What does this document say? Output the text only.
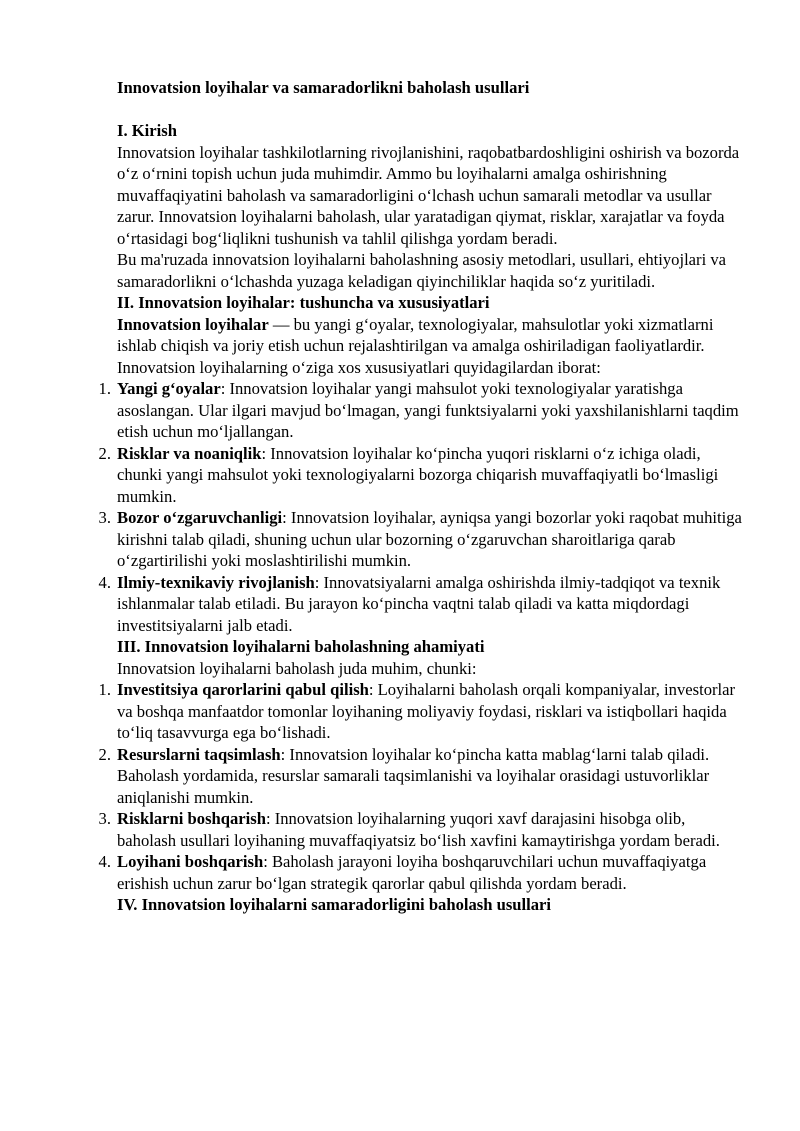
Innovatsion loyihalar va samaradorlikni baholash usullari

I. Kirish

Innovatsion loyihalar tashkilotlarning rivojlanishini, raqobatbardoshligini oshirish va bozorda o‘z o‘rnini topish uchun juda muhimdir. Ammo bu loyihalarni amalga oshirishning muvaffaqiyatini baholash va samaradorligini o‘lchash uchun samarali metodlar va usullar zarur. Innovatsion loyihalarni baholash, ular yaratadigan qiymat, risklar, xarajatlar va foyda o‘rtasidagi bog‘liqlikni tushunish va tahlil qilishga yordam beradi.

Bu ma'ruzada innovatsion loyihalarni baholashning asosiy metodlari, usullari, ehtiyojlari va samaradorlikni o‘lchashda yuzaga keladigan qiyinchiliklar haqida so‘z yuritiladi.

II. Innovatsion loyihalar: tushuncha va xususiyatlari

Innovatsion loyihalar — bu yangi g‘oyalar, texnologiyalar, mahsulotlar yoki xizmatlarni ishlab chiqish va joriy etish uchun rejalashtirilgan va amalga oshiriladigan faoliyatlardir. Innovatsion loyihalarning o‘ziga xos xususiyatlari quyidagilardan iborat:

1. Yangi g‘oyalar: Innovatsion loyihalar yangi mahsulot yoki texnologiyalar yaratishga asoslangan. Ular ilgari mavjud bo‘lmagan, yangi funktsiyalarni yoki yaxshilanishlarni taqdim etish uchun mo‘ljallangan.
2. Risklar va noaniqlik: Innovatsion loyihalar ko‘pincha yuqori risklarni o‘z ichiga oladi, chunki yangi mahsulot yoki texnologiyalarni bozorga chiqarish muvaffaqiyatli bo‘lmasligi mumkin.
3. Bozor o‘zgaruvchanligi: Innovatsion loyihalar, ayniqsa yangi bozorlar yoki raqobat muhitiga kirishni talab qiladi, shuning uchun ular bozorning o‘zgaruvchan sharoitlariga qarab o‘zgartirilishi yoki moslashtirilishi mumkin.
4. Ilmiy-texnikaviy rivojlanish: Innovatsiyalarni amalga oshirishda ilmiy-tadqiqot va texnik ishlanmalar talab etiladi. Bu jarayon ko‘pincha vaqtni talab qiladi va katta miqdordagi investitsiyalarni jalb etadi.

III. Innovatsion loyihalarni baholashning ahamiyati

Innovatsion loyihalarni baholash juda muhim, chunki:

1. Investitsiya qarorlarini qabul qilish: Loyihalarni baholash orqali kompaniyalar, investorlar va boshqa manfaatdor tomonlar loyihaning moliyaviy foydasi, risklari va istiqbollari haqida to‘liq tasavvurga ega bo‘lishadi.
2. Resurslarni taqsimlash: Innovatsion loyihalar ko‘pincha katta mablag‘larni talab qiladi. Baholash yordamida, resurslar samarali taqsimlanishi va loyihalar orasidagi ustuvorliklar aniqlanishi mumkin.
3. Risklarni boshqarish: Innovatsion loyihalarning yuqori xavf darajasini hisobga olib, baholash usullari loyihaning muvaffaqiyatsiz bo‘lish xavfini kamaytirishga yordam beradi.
4. Loyihani boshqarish: Baholash jarayoni loyiha boshqaruvchilari uchun muvaffaqiyatga erishish uchun zarur bo‘lgan strategik qarorlar qabul qilishda yordam beradi.

IV. Innovatsion loyihalarni samaradorligini baholash usullari
